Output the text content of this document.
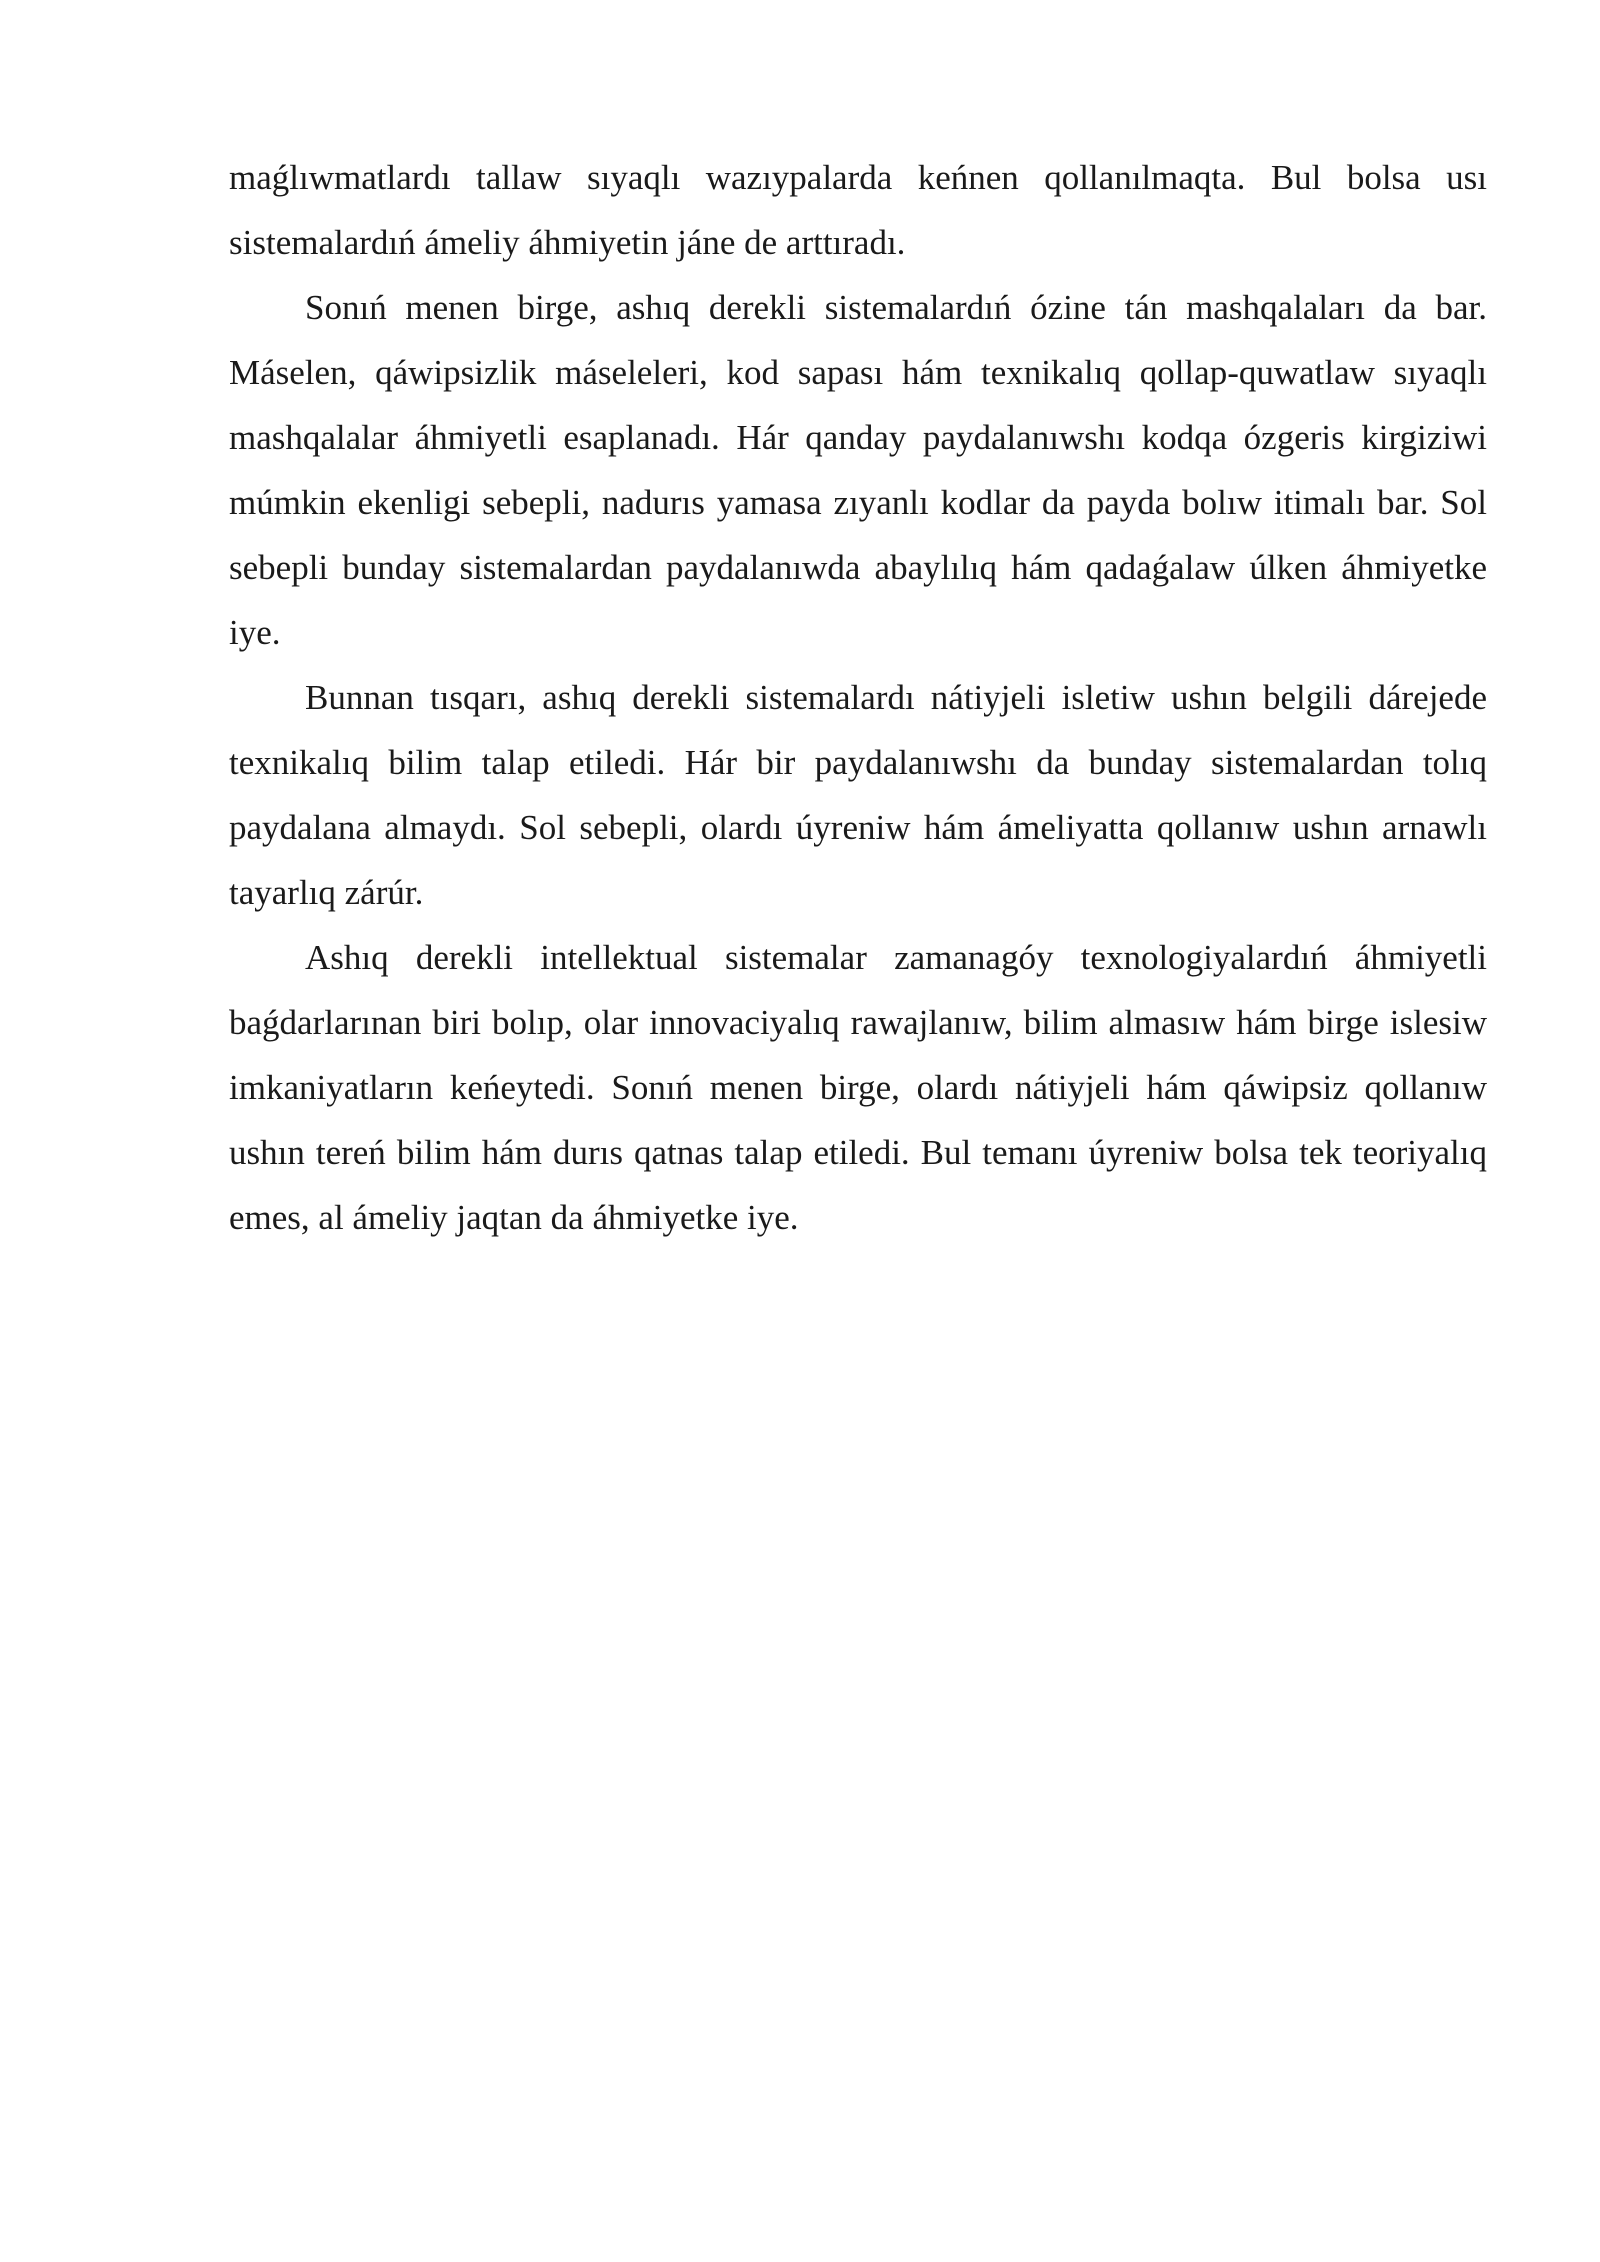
maǵlıwmatlardı tallaw sıyaqlı wazıypalarda keńnen qollanılmaqta. Bul bolsa usı sistemalardıń ámeliy áhmiyetin jáne de arttıradı.

Sonıń menen birge, ashıq derekli sistemalardıń ózine tán mashqalaları da bar. Máselen, qáwipsizlik máseleleri, kod sapası hám texnikalıq qollap-quwatlaw sıyaqlı mashqalalar áhmiyetli esaplanadı. Hár qanday paydalanıwshı kodqa ózgeris kirgiziwi múmkin ekenligi sebepli, nadurıs yamasa zıyanlı kodlar da payda bolıw itimalı bar. Sol sebepli bunday sistemalardan paydalanıwda abaylılıq hám qadaǵalaw úlken áhmiyetke iye.

Bunnan tısqarı, ashıq derekli sistemalardı nátiyjeli isletiw ushın belgili dárejede texnikalıq bilim talap etiledi. Hár bir paydalanıwshı da bunday sistemalardan tolıq paydalana almaydı. Sol sebepli, olardı úyreniw hám ámeliyatta qollanıw ushın arnawlı tayarlıq zárúr.

Ashıq derekli intellektual sistemalar zamanagóy texnologiyalardıń áhmiyetli baǵdarlarınan biri bolıp, olar innovaciyalıq rawajlanıw, bilim almasıw hám birge islesiw imkaniyatların keńeytedi. Sonıń menen birge, olardı nátiyjeli hám qáwipsiz qollanıw ushın tereń bilim hám durıs qatnas talap etiledi. Bul temanı úyreniw bolsa tek teoriyalıq emes, al ámeliy jaqtan da áhmiyetke iye.
